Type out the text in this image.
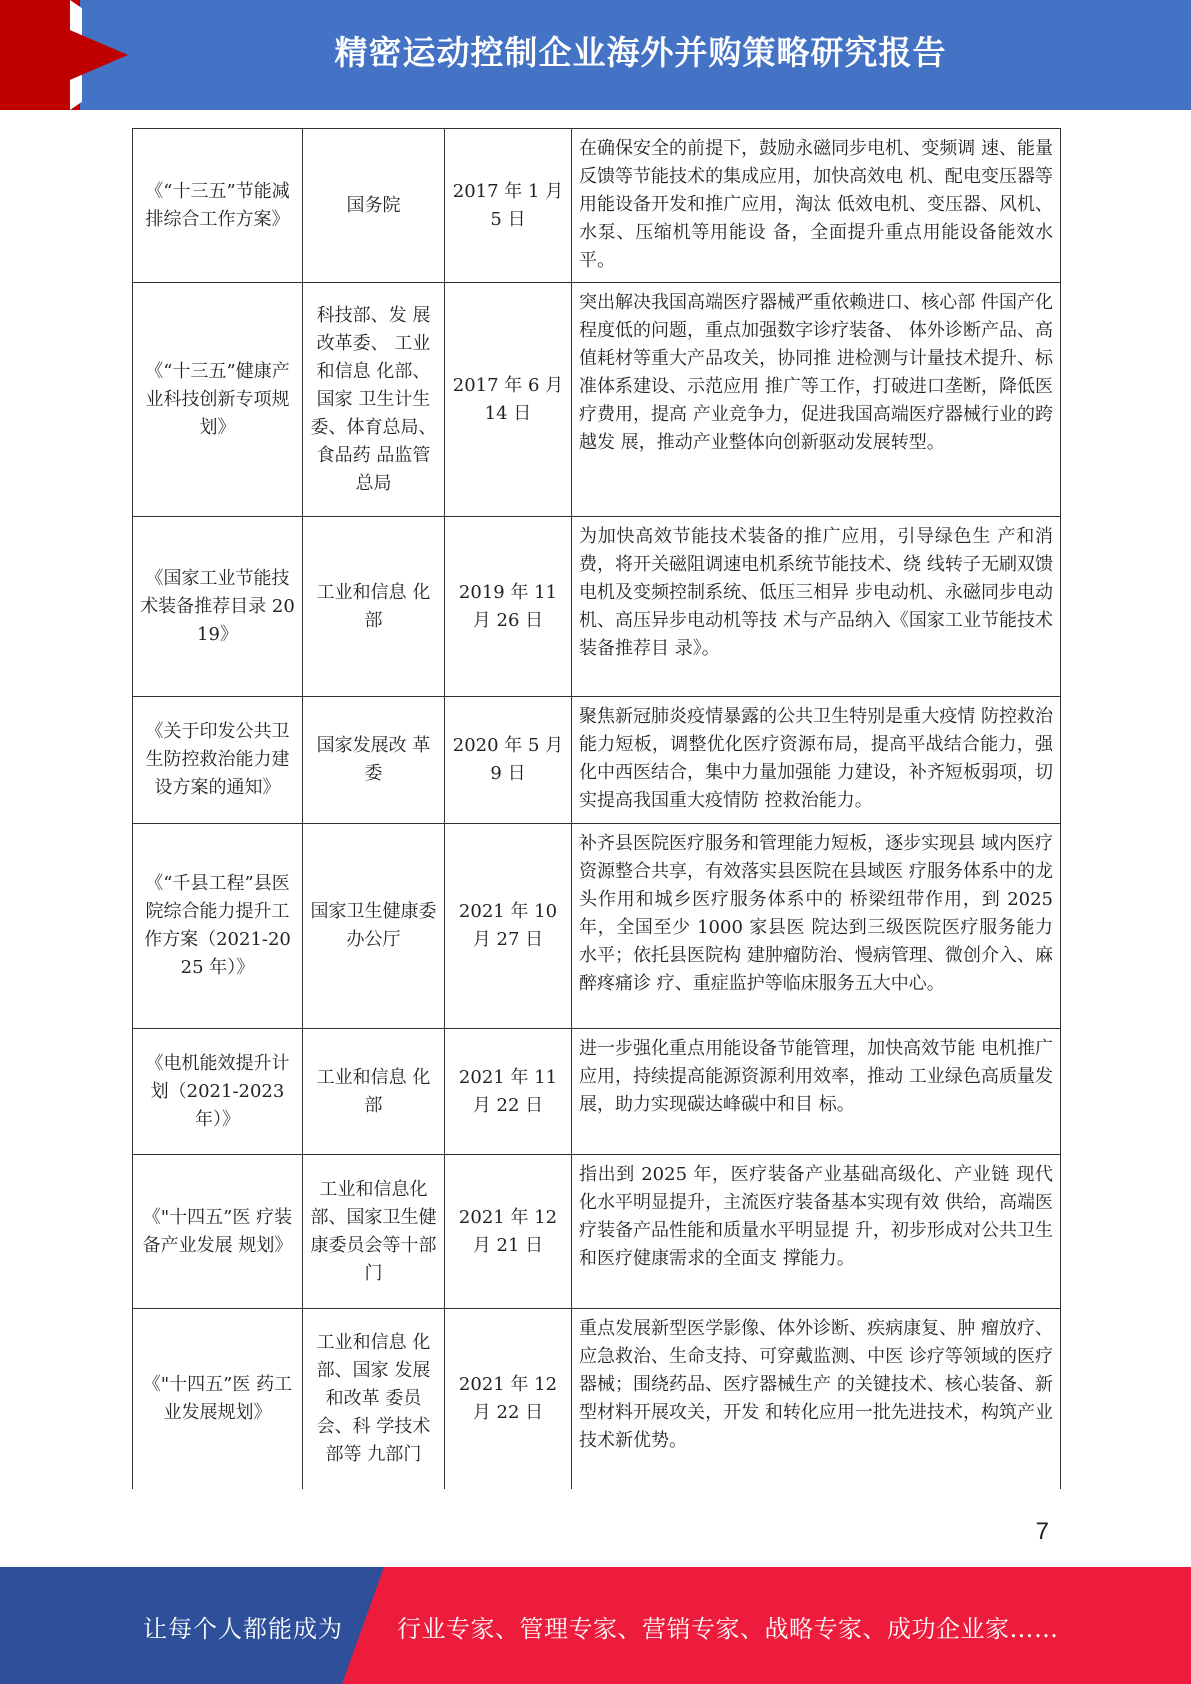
精密运动控制企业海外并购策略研究报告
《“十三五”节能减排综合工作方案》	国务院	2017 年 1 月 5 日	在确保安全的前提下，鼓励永磁同步电机、变频调 速、能量反馈等节能技术的集成应用，加快高效电 机、配电变压器等用能设备开发和推广应用，淘汰 低效电机、变压器、风机、水泵、压缩机等用能设 备，全面提升重点用能设备能效水平。
《“十三五”健康产业科技创新专项规划》	科技部、发 展改革委、 工业和信息 化部、国家 卫生计生委、体育总局、食品药 品监管总局	2017 年 6 月 14 日	突出解决我国高端医疗器械严重依赖进口、核心部 件国产化程度低的问题，重点加强数字诊疗装备、 体外诊断产品、高值耗材等重大产品攻关，协同推 进检测与计量技术提升、标准体系建设、示范应用 推广等工作，打破进口垄断，降低医疗费用，提高 产业竞争力，促进我国高端医疗器械行业的跨越发 展，推动产业整体向创新驱动发展转型。
《国家工业节能技术装备推荐目录 2019》	工业和信息 化部	2019 年 11 月 26 日	为加快高效节能技术装备的推广应用，引导绿色生 产和消费，将开关磁阻调速电机系统节能技术、绕 线转子无刷双馈电机及变频控制系统、低压三相异 步电动机、永磁同步电动机、高压异步电动机等技 术与产品纳入《国家工业节能技术装备推荐目 录》。
《关于印发公共卫生防控救治能力建设方案的通知》	国家发展改 革委	2020 年 5 月 9 日	聚焦新冠肺炎疫情暴露的公共卫生特别是重大疫情 防控救治能力短板，调整优化医疗资源布局，提高平战结合能力，强化中西医结合，集中力量加强能 力建设，补齐短板弱项，切实提高我国重大疫情防 控救治能力。
《“千县工程”县医院综合能力提升工作方案（2021-2025 年）》	国家卫生健康委办公厅	2021 年 10 月 27 日	补齐县医院医疗服务和管理能力短板，逐步实现县 域内医疗资源整合共享，有效落实县医院在县域医 疗服务体系中的龙头作用和城乡医疗服务体系中的 桥梁纽带作用，到 2025 年，全国至少 1000 家县医 院达到三级医院医疗服务能力水平；依托县医院构 建肿瘤防治、慢病管理、微创介入、麻醉疼痛诊 疗、重症监护等临床服务五大中心。
《电机能效提升计划（2021-2023 年）》	工业和信息 化部	2021 年 11 月 22 日	进一步强化重点用能设备节能管理，加快高效节能 电机推广应用，持续提高能源资源利用效率，推动 工业绿色高质量发展，助力实现碳达峰碳中和目 标。
《"十四五”医 疗装备产业发展 规划》	工业和信息化部、国家卫生健康委员会等十部门	2021 年 12 月 21 日	指出到 2025 年，医疗装备产业基础高级化、产业链 现代化水平明显提升，主流医疗装备基本实现有效 供给，高端医疗装备产品性能和质量水平明显提 升，初步形成对公共卫生和医疗健康需求的全面支 撑能力。
《"十四五”医 药工业发展规划》	工业和信息 化部、国家 发展和改革 委员会、科 学技术部等 九部门	2021 年 12 月 22 日	重点发展新型医学影像、体外诊断、疾病康复、肿 瘤放疗、应急救治、生命支持、可穿戴监测、中医 诊疗等领域的医疗器械；围绕药品、医疗器械生产 的关键技术、核心装备、新型材料开展攻关，开发 和转化应用一批先进技术，构筑产业技术新优势。
7
让每个人都能成为 行业专家、管理专家、营销专家、战略专家、成功企业家……
